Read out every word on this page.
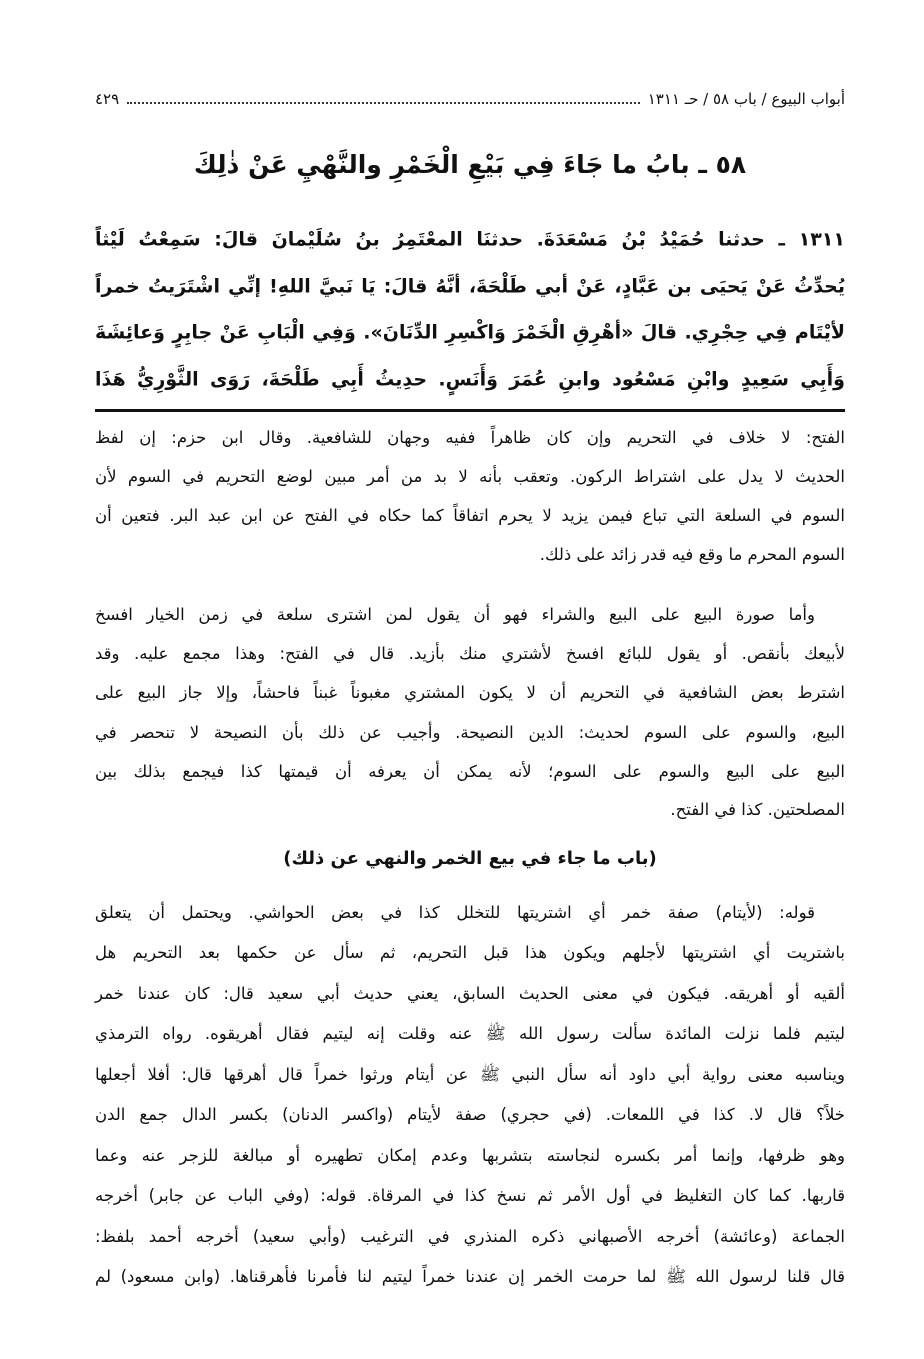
أبواب البيوع / باب ٥٨ / حـ ١٣١١
٤٢٩
٥٨ ـ بابُ ما جَاءَ فِي بَيْعِ الْخَمْرِ والنَّهْيِ عَنْ ذٰلِكَ
١٣١١ ـ حدثنا حُمَيْدُ بْنُ مَسْعَدَةَ. حدثنَا المعْتَمِرُ بنُ سُلَيْمانَ قالَ: سَمِعْتُ لَيْثاً
يُحدِّثُ عَنْ يَحيَى بن عَبَّادٍ، عَنْ أبي طَلْحَةَ، أنَّهُ قالَ: يَا نَبيَّ اللهِ! إنِّي اشْتَرَيتُ خمراً
لأيْتَام فِي حِجْرِي. قالَ «أهْرِقِ الْخَمْرَ وَاكْسِرِ الدِّنَانَ». وَفِي الْبَابِ عَنْ جابِرٍ وَعائِشَةَ
وَأَبِي سَعِيدٍ وابْنِ مَسْعُود وابنِ عُمَرَ وَأَنَسٍ. حدِيثُ أَبِي طَلْحَةَ، رَوَى الثَّوْرِيُّ هَذَا
الفتح: لا خلاف في التحريم وإن كان ظاهراً ففيه وجهان للشافعية. وقال ابن حزم: إن لفظ
الحديث لا يدل على اشتراط الركون. وتعقب بأنه لا بد من أمر مبين لوضع التحريم في السوم لأن
السوم في السلعة التي تباع فيمن يزيد لا يحرم اتفاقاً كما حكاه في الفتح عن ابن عبد البر. فتعين أن
السوم المحرم ما وقع فيه قدر زائد على ذلك.
وأما صورة البيع على البيع والشراء فهو أن يقول لمن اشترى سلعة في زمن الخيار افسخ
لأبيعك بأنقص. أو يقول للبائع افسخ لأشتري منك بأزيد. قال في الفتح: وهذا مجمع عليه. وقد
اشترط بعض الشافعية في التحريم أن لا يكون المشتري مغبوناً غبناً فاحشاً، وإلا جاز البيع على
البيع، والسوم على السوم لحديث: الدين النصيحة. وأجيب عن ذلك بأن النصيحة لا تنحصر في
البيع على البيع والسوم على السوم؛ لأنه يمكن أن يعرفه أن قيمتها كذا فيجمع بذلك بين
المصلحتين. كذا في الفتح.
قوله: (لأيتام) صفة خمر أي اشتريتها للتخلل كذا في بعض الحواشي. ويحتمل أن يتعلق
باشتريت أي اشتريتها لأجلهم ويكون هذا قبل التحريم، ثم سأل عن حكمها بعد التحريم هل
ألقيه أو أهريقه. فيكون في معنى الحديث السابق، يعني حديث أبي سعيد قال: كان عندنا خمر
ليتيم فلما نزلت المائدة سألت رسول الله ﷺ عنه وقلت إنه ليتيم فقال أهريقوه. رواه الترمذي
ويناسبه معنى رواية أبي داود أنه سأل النبي ﷺ عن أيتام ورثوا خمراً قال أهرقها قال: أفلا أجعلها
خلاً؟ قال لا. كذا في اللمعات. (في حجري) صفة لأيتام (واكسر الدنان) بكسر الدال جمع الدن
وهو ظرفها، وإنما أمر بكسره لنجاسته بتشربها وعدم إمكان تطهيره أو مبالغة للزجر عنه وعما
قاربها. كما كان التغليظ في أول الأمر ثم نسخ كذا في المرقاة. قوله: (وفي الباب عن جابر) أخرجه
الجماعة (وعائشة) أخرجه الأصبهاني ذكره المنذري في الترغيب (وأبي سعيد) أخرجه أحمد بلفظ:
قال قلنا لرسول الله ﷺ لما حرمت الخمر إن عندنا خمراً ليتيم لنا فأمرنا فأهرقناها. (وابن مسعود) لم
(باب ما جاء في بيع الخمر والنهي عن ذلك)
